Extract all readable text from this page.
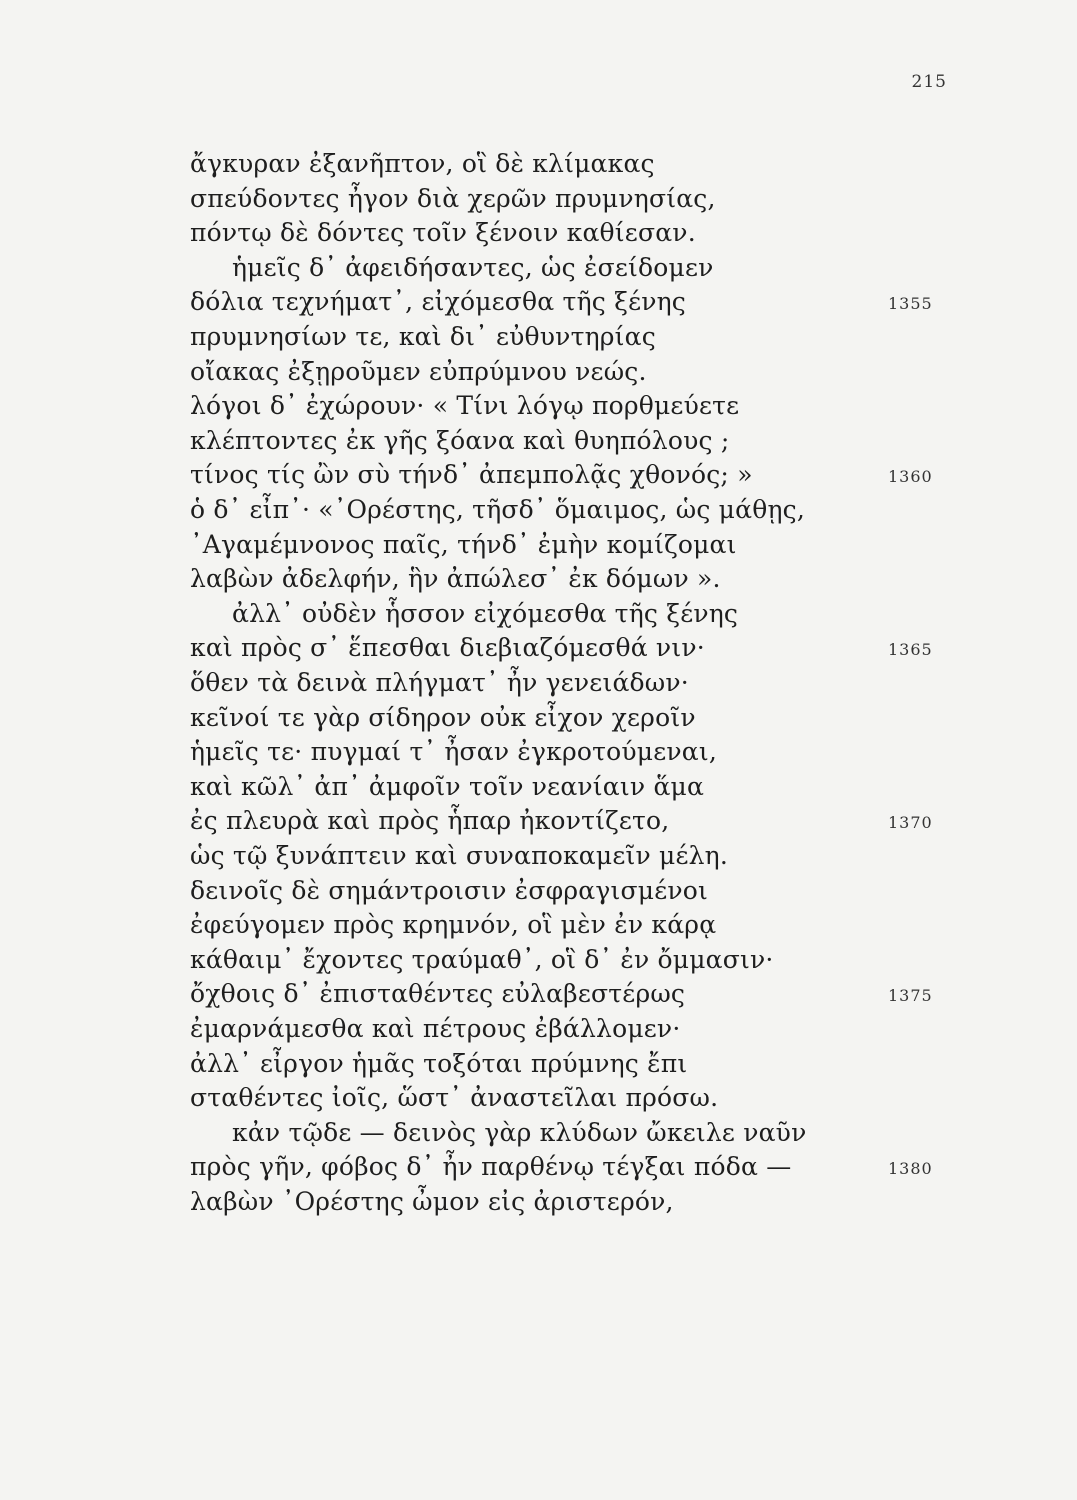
215
ἄγκυραν ἐξανῆπτον, οἳ δὲ κλίμακας
σπεύδοντες ἦγον διὰ χερῶν πρυμνησίας,
πόντῳ δὲ δόντες τοῖν ξένοιν καθίεσαν.
ἡμεῖς δ᾽ ἀφειδήσαντες, ὡς ἐσείδομεν
δόλια τεχνήματ᾽, εἰχόμεσθα τῆς ξένης	1355
πρυμνησίων τε, καὶ δι᾽ εὐθυντηρίας
οἴακας ἐξῃροῦμεν εὐπρύμνου νεώς.
λόγοι δ᾽ ἐχώρουν· « Τίνι λόγῳ πορθμεύετε
κλέπτοντες ἐκ γῆς ξόανα καὶ θυηπόλους ;
τίνος τίς ὢν σὺ τήνδ᾽ ἀπεμπολᾷς χθονός; »	1360
ὁ δ᾽ εἶπ᾽· «᾽Ορέστης, τῆσδ᾽ ὅμαιμος, ὡς μάθῃς,
᾽Αγαμέμνονος παῖς, τήνδ᾽ ἐμὴν κομίζομαι
λαβὼν ἀδελφήν, ἣν ἀπώλεσ᾽ ἐκ δόμων ».
ἀλλ᾽ οὐδὲν ἧσσον εἰχόμεσθα τῆς ξένης
καὶ πρὸς σ᾽ ἕπεσθαι διεβιαζόμεσθά νιν·	1365
ὅθεν τὰ δεινὰ πλήγματ᾽ ἦν γενειάδων·
κεῖνοί τε γὰρ σίδηρον οὐκ εἶχον χεροῖν
ἡμεῖς τε· πυγμαί τ᾽ ἦσαν ἐγκροτούμεναι,
καὶ κῶλ᾽ ἀπ᾽ ἀμφοῖν τοῖν νεανίαιν ἅμα
ἐς πλευρὰ καὶ πρὸς ἧπαρ ἠκοντίζετο,	1370
ὡς τῷ ξυνάπτειν καὶ συναποκαμεῖν μέλη.
δεινοῖς δὲ σημάντροισιν ἐσφραγισμένοι
ἐφεύγομεν πρὸς κρημνόν, οἳ μὲν ἐν κάρᾳ
κάθαιμ᾽ ἔχοντες τραύμαθ᾽, οἳ δ᾽ ἐν ὄμμασιν·
ὄχθοις δ᾽ ἐπισταθέντες εὐλαβεστέρως	1375
ἐμαρνάμεσθα καὶ πέτρους ἐβάλλομεν·
ἀλλ᾽ εἶργον ἡμᾶς τοξόται πρύμνης ἔπι
σταθέντες ἰοῖς, ὥστ᾽ ἀναστεῖλαι πρόσω.
κἀν τῷδε — δεινὸς γὰρ κλύδων ὤκειλε ναῦν
πρὸς γῆν, φόβος δ᾽ ἦν παρθένῳ τέγξαι πόδα —	1380
λαβὼν ᾽Ορέστης ὦμον εἰς ἀριστερόν,
